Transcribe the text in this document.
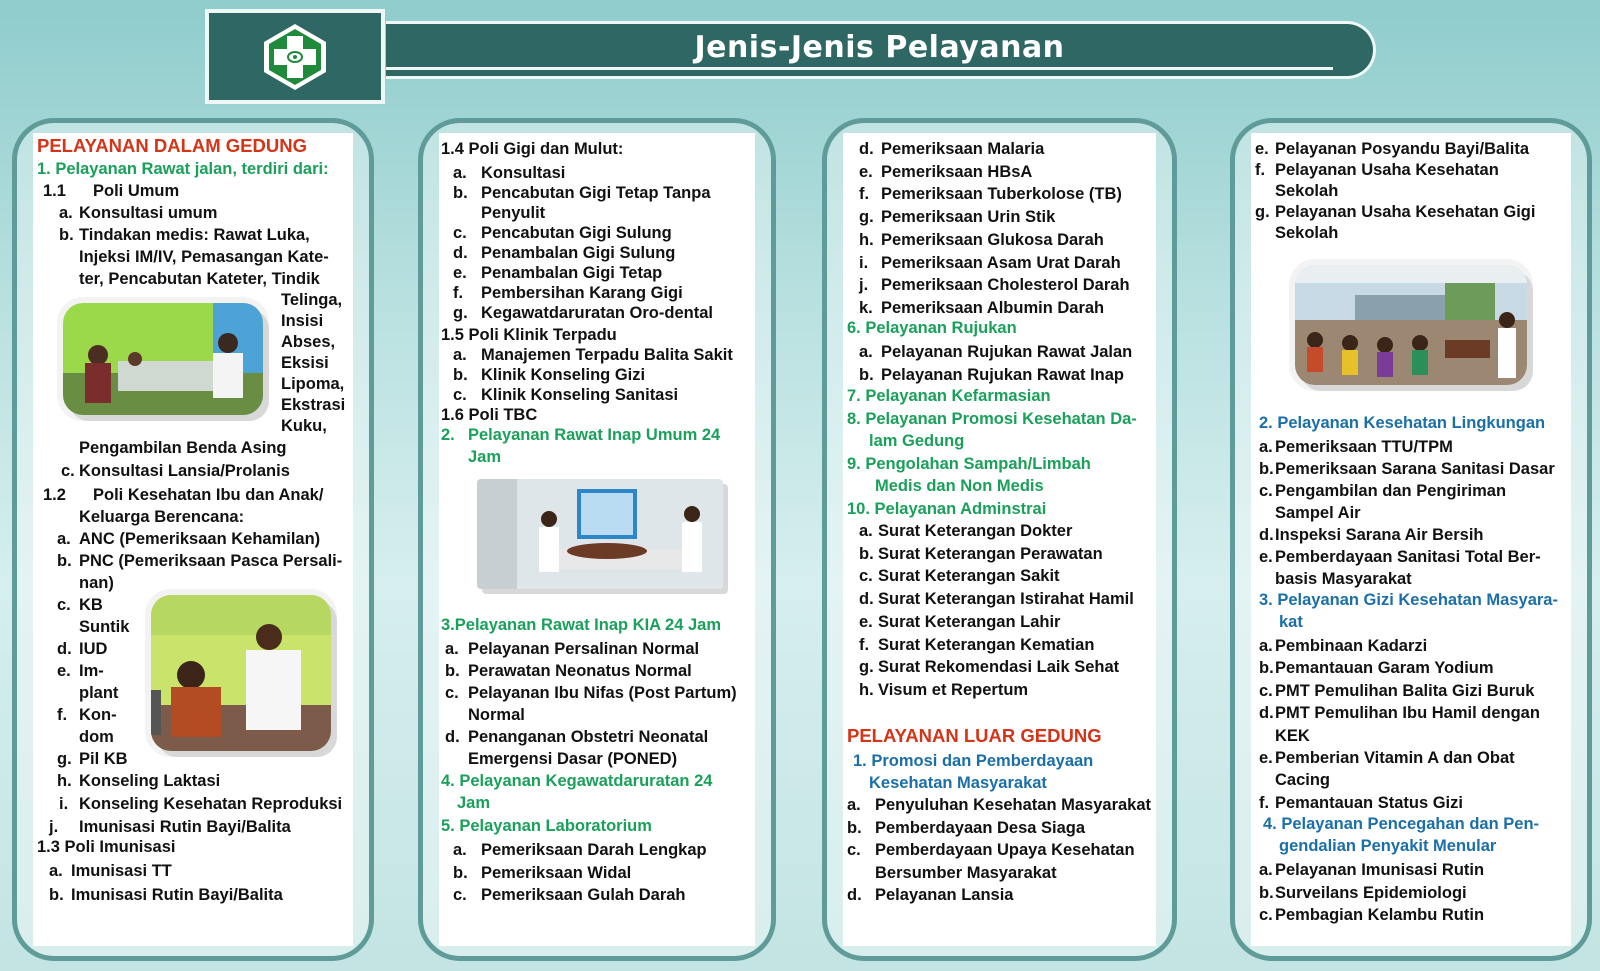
Jenis-Jenis Pelayanan
PELAYANAN DALAM GEDUNG
1. Pelayanan Rawat jalan, terdiri dari:
1.1 Poli Umum
a. Konsultasi umum
b. Tindakan medis: Rawat Luka,
Injeksi IM/IV, Pemasangan Kate-
ter, Pencabutan Kateter, Tindik
Telinga,
Insisi
Abses,
Eksisi
Lipoma,
Ekstrasi
Kuku,
Pengambilan Benda Asing
c. Konsultasi Lansia/Prolanis
1.2 Poli Kesehatan Ibu dan Anak/
Keluarga Berencana:
a. ANC (Pemeriksaan Kehamilan)
b. PNC (Pemeriksaan Pasca Persali-
nan)
c. KB
Suntik
d. IUD
e. Im-
plant
f. Kon-
dom
g. Pil KB
h. Konseling Laktasi
i. Konseling Kesehatan Reproduksi
j. Imunisasi Rutin Bayi/Balita
1.3 Poli Imunisasi
a. Imunisasi TT
b. Imunisasi Rutin Bayi/Balita
1.4 Poli Gigi dan Mulut:
a. Konsultasi
b. Pencabutan Gigi Tetap Tanpa
Penyulit
c. Pencabutan Gigi Sulung
d. Penambalan Gigi Sulung
e. Penambalan Gigi Tetap
f. Pembersihan Karang Gigi
g. Kegawatdaruratan Oro-dental
1.5 Poli Klinik Terpadu
a. Manajemen Terpadu Balita Sakit
b. Klinik Konseling Gizi
c. Klinik Konseling Sanitasi
1.6 Poli TBC
2. Pelayanan Rawat Inap Umum 24
Jam
3.Pelayanan Rawat Inap KIA 24 Jam
a. Pelayanan Persalinan Normal
b. Perawatan Neonatus Normal
c. Pelayanan Ibu Nifas (Post Partum)
Normal
d. Penanganan Obstetri Neonatal
Emergensi Dasar (PONED)
4. Pelayanan Kegawatdaruratan 24
Jam
5. Pelayanan Laboratorium
a. Pemeriksaan Darah Lengkap
b. Pemeriksaan Widal
c. Pemeriksaan Gulah Darah
d. Pemeriksaan Malaria
e. Pemeriksaan HBsA
f. Pemeriksaan Tuberkolose (TB)
g. Pemeriksaan Urin Stik
h. Pemeriksaan Glukosa Darah
i. Pemeriksaan Asam Urat Darah
j. Pemeriksaan Cholesterol Darah
k. Pemeriksaan Albumin Darah
6. Pelayanan Rujukan
a. Pelayanan Rujukan Rawat Jalan
b. Pelayanan Rujukan Rawat Inap
7. Pelayanan Kefarmasian
8. Pelayanan Promosi Kesehatan Da-
lam Gedung
9. Pengolahan Sampah/Limbah
Medis dan Non Medis
10. Pelayanan Adminstrai
a. Surat Keterangan Dokter
b. Surat Keterangan Perawatan
c. Surat Keterangan Sakit
d. Surat Keterangan Istirahat Hamil
e. Surat Keterangan Lahir
f. Surat Keterangan Kematian
g. Surat Rekomendasi Laik Sehat
h. Visum et Repertum
PELAYANAN LUAR GEDUNG
1. Promosi dan Pemberdayaan
Kesehatan Masyarakat
a. Penyuluhan Kesehatan Masyarakat
b. Pemberdayaan Desa Siaga
c. Pemberdayaan Upaya Kesehatan
Bersumber Masyarakat
d. Pelayanan Lansia
e. Pelayanan Posyandu Bayi/Balita
f. Pelayanan Usaha Kesehatan
Sekolah
g. Pelayanan Usaha Kesehatan Gigi
Sekolah
2. Pelayanan Kesehatan Lingkungan
a. Pemeriksaan TTU/TPM
b. Pemeriksaan Sarana Sanitasi Dasar
c. Pengambilan dan Pengiriman
Sampel Air
d. Inspeksi Sarana Air Bersih
e. Pemberdayaan Sanitasi Total Ber-
basis Masyarakat
3. Pelayanan Gizi Kesehatan Masyara-
kat
a. Pembinaan Kadarzi
b. Pemantauan Garam Yodium
c. PMT Pemulihan Balita Gizi Buruk
d. PMT Pemulihan Ibu Hamil dengan
KEK
e. Pemberian Vitamin A dan Obat
Cacing
f. Pemantauan Status Gizi
4. Pelayanan Pencegahan dan Pen-
gendalian Penyakit Menular
a. Pelayanan Imunisasi Rutin
b. Surveilans Epidemiologi
c. Pembagian Kelambu Rutin
